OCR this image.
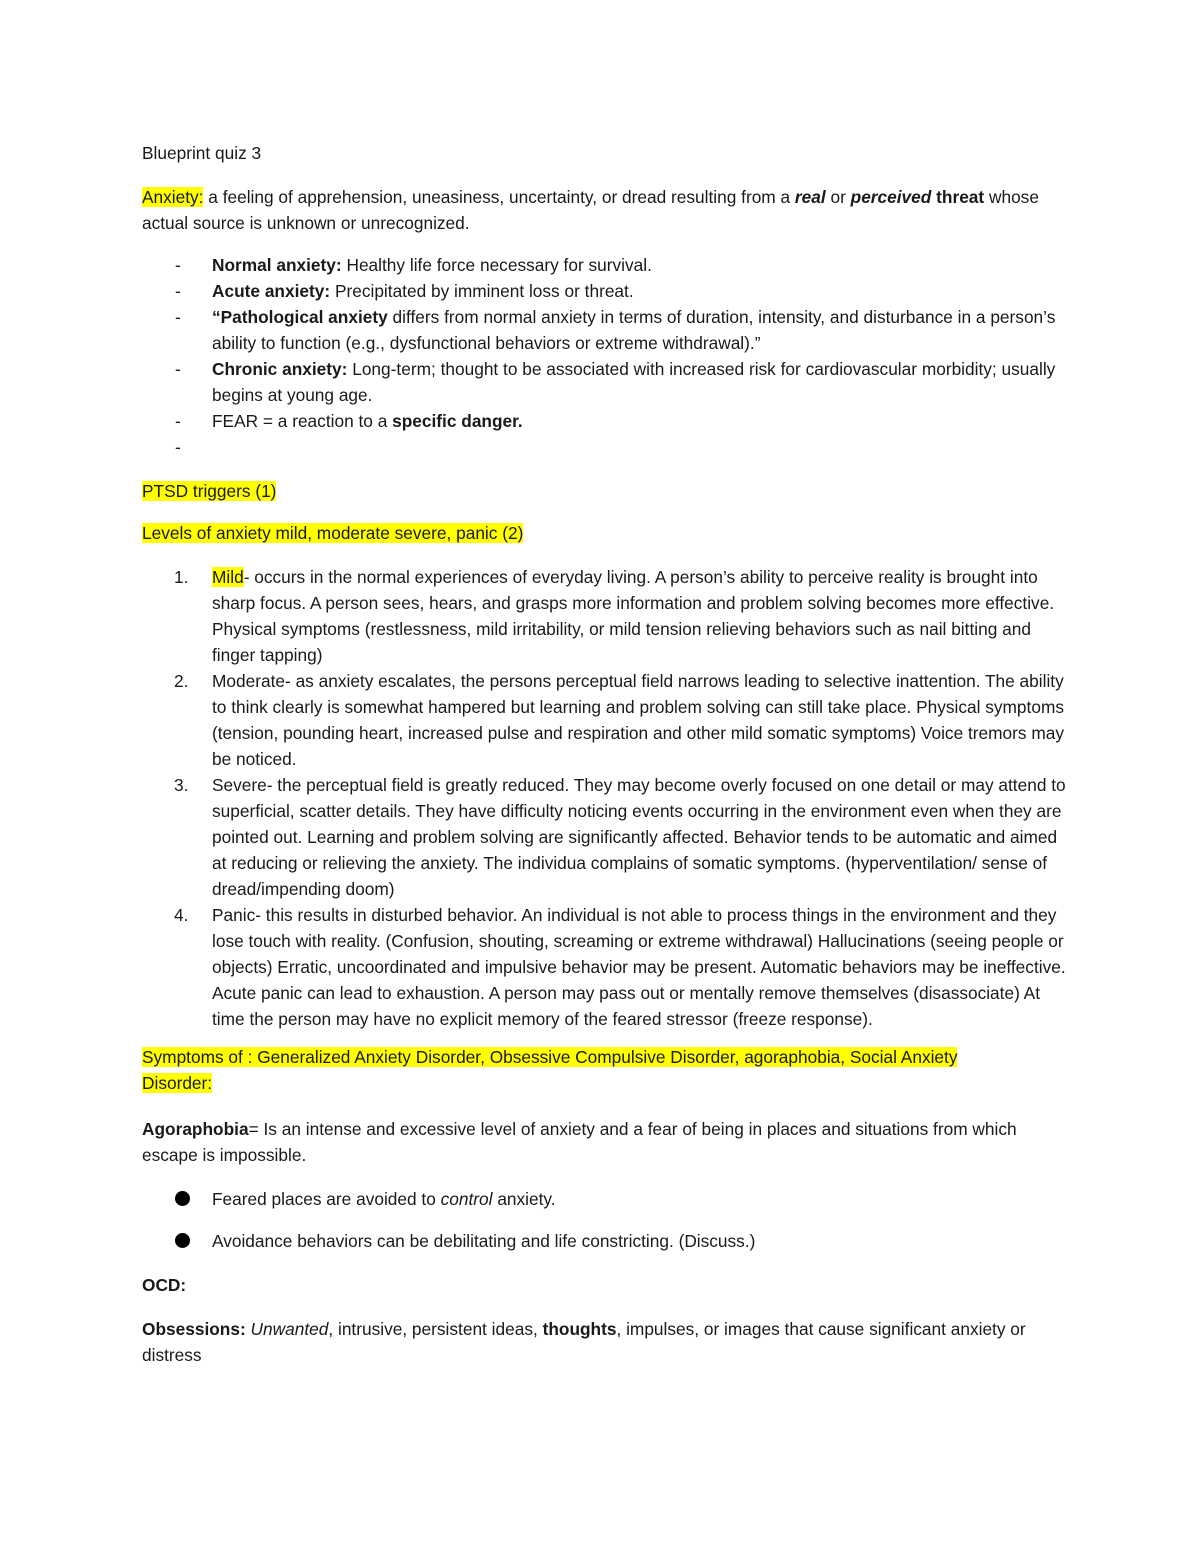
Blueprint quiz 3

Anxiety: a feeling of apprehension, uneasiness, uncertainty, or dread resulting from a real or perceived threat whose actual source is unknown or unrecognized.

- Normal anxiety: Healthy life force necessary for survival.
- Acute anxiety: Precipitated by imminent loss or threat.
- “Pathological anxiety differs from normal anxiety in terms of duration, intensity, and disturbance in a person’s ability to function (e.g., dysfunctional behaviors or extreme withdrawal).”
- Chronic anxiety: Long-term; thought to be associated with increased risk for cardiovascular morbidity; usually begins at young age.
- FEAR = a reaction to a specific danger.
-

PTSD triggers (1)

Levels of anxiety mild, moderate severe, panic (2)

1. Mild- occurs in the normal experiences of everyday living. A person’s ability to perceive reality is brought into sharp focus. A person sees, hears, and grasps more information and problem solving becomes more effective. Physical symptoms (restlessness, mild irritability, or mild tension relieving behaviors such as nail bitting and finger tapping)
2. Moderate- as anxiety escalates, the persons perceptual field narrows leading to selective inattention. The ability to think clearly is somewhat hampered but learning and problem solving can still take place. Physical symptoms (tension, pounding heart, increased pulse and respiration and other mild somatic symptoms) Voice tremors may be noticed.
3. Severe- the perceptual field is greatly reduced. They may become overly focused on one detail or may attend to superficial, scatter details. They have difficulty noticing events occurring in the environment even when they are pointed out. Learning and problem solving are significantly affected. Behavior tends to be automatic and aimed at reducing or relieving the anxiety. The individua complains of somatic symptoms. (hyperventilation/ sense of dread/impending doom)
4. Panic- this results in disturbed behavior. An individual is not able to process things in the environment and they lose touch with reality. (Confusion, shouting, screaming or extreme withdrawal) Hallucinations (seeing people or objects) Erratic, uncoordinated and impulsive behavior may be present. Automatic behaviors may be ineffective. Acute panic can lead to exhaustion. A person may pass out or mentally remove themselves (disassociate) At time the person may have no explicit memory of the feared stressor (freeze response).

Symptoms of : Generalized Anxiety Disorder, Obsessive Compulsive Disorder, agoraphobia, Social Anxiety
Disorder:

Agoraphobia= Is an intense and excessive level of anxiety and a fear of being in places and situations from which escape is impossible.

Feared places are avoided to control anxiety.
Avoidance behaviors can be debilitating and life constricting. (Discuss.)

OCD:

Obsessions: Unwanted, intrusive, persistent ideas, thoughts, impulses, or images that cause significant anxiety or distress
